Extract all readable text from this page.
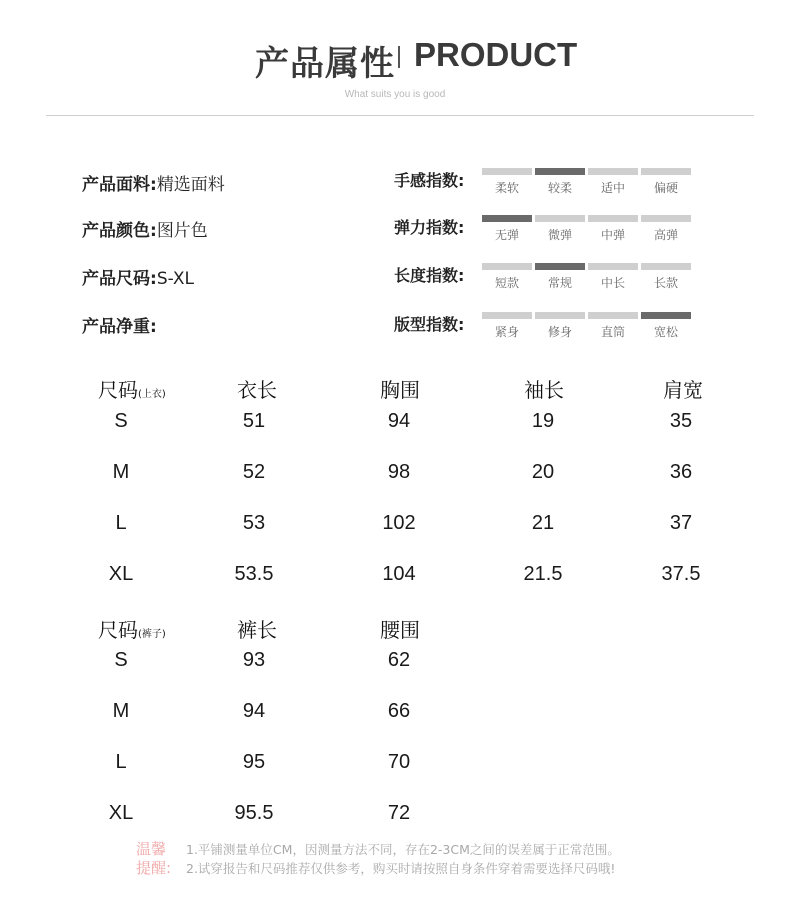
产品属性 PRODUCT
What suits you is good
产品面料:精选面料
产品颜色:图片色
产品尺码:S-XL
产品净重:
手感指数:	柔软	较柔	适中	偏硬
弹力指数:	无弹	微弹	中弹	高弹
长度指数:	短款	常规	中长	长款
版型指数:	紧身	修身	直筒	宽松
尺码(上衣)	衣长	胸围	袖长	肩宽
S	51	94	19	35
M	52	98	20	36
L	53	102	21	37
XL	53.5	104	21.5	37.5
尺码(裤子)	裤长	腰围
S	93	62
M	94	66
L	95	70
XL	95.5	72
温馨
提醒:
1.平铺测量单位CM，因测量方法不同，存在2-3CM之间的误差属于正常范围。
2.试穿报告和尺码推荐仅供参考，购买时请按照自身条件穿着需要选择尺码哦!
